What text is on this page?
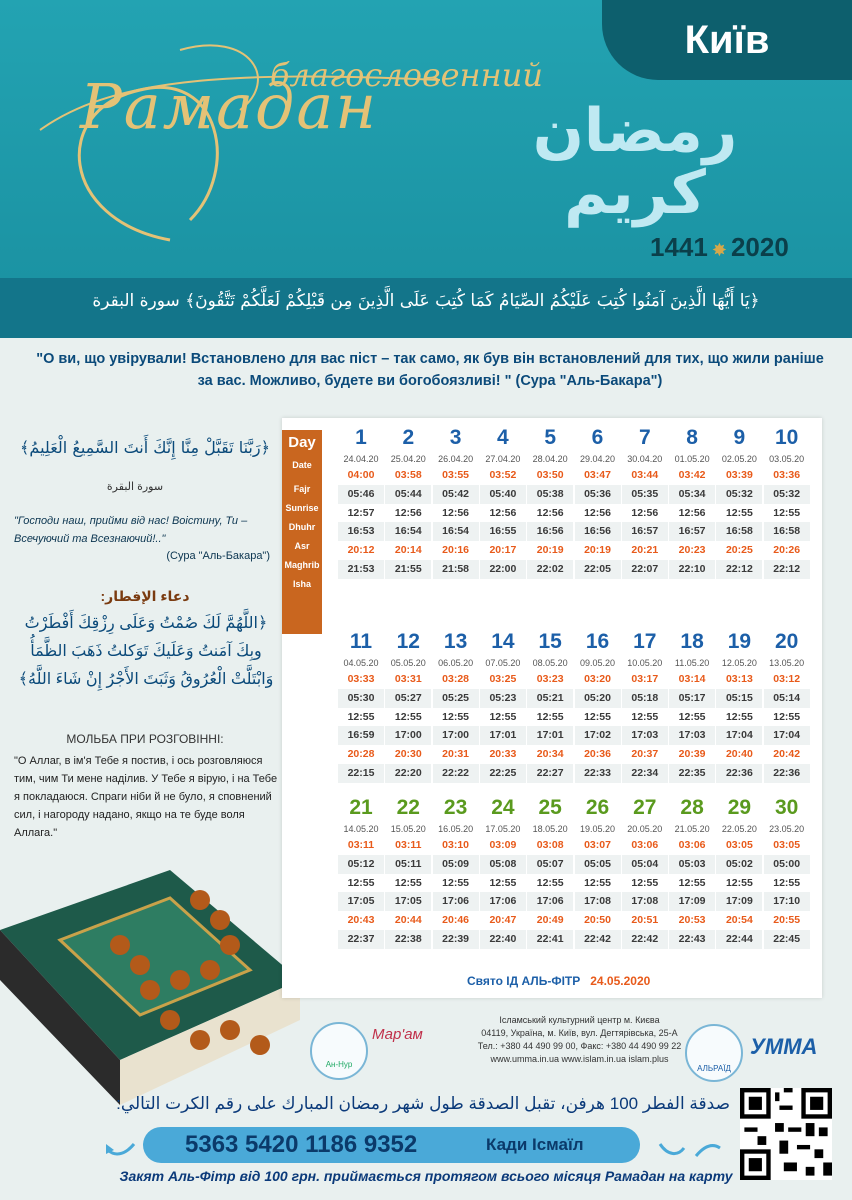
благословенний
Рамадан
Київ
رمضان كريم
1441 ✸ 2020
﴿يَا أَيُّهَا الَّذِينَ آمَنُوا كُتِبَ عَلَيْكُمُ الصِّيَامُ كَمَا كُتِبَ عَلَى الَّذِينَ مِن قَبْلِكُمْ لَعَلَّكُمْ تَتَّقُونَ﴾ سورة البقرة
"О ви, що увірували! Встановлено для вас піст – так само, як був він встановлений для тих, що жили раніше за вас. Можливо, будете ви богобоязливі! " (Сура "Аль-Бакара")
﴿رَبَّنَا تَقَبَّلْ مِنَّا إِنَّكَ أَنتَ السَّمِيعُ الْعَلِيمُ﴾
سورة البقرة
"Господи наш, прийми від нас! Воістину, Ти – Всечуючий та Всезнаючий!.."
(Сура "Аль-Бакара")
دعاء الإفطار:
﴿اللَّهُمَّ لَكَ صُمْتُ وَعَلَى رِزْقِكَ أَفْطَرْتُ وبِكَ آمَنتُ وَعَلَيكَ تَوَكلتُ ذَهَبَ الظَّمَأُ وَابْتَلَّتْ الْعُرُوقُ وَثَبَتَ الأَجْرُ إِنْ شَاءَ اللَّهُ﴾
МОЛЬБА ПРИ РОЗГОВІННІ:
"О Аллаг, в ім'я Тебе я постив, і ось розговляюся тим, чим Ти мене наділив. У Тебе я вірую, і на Тебе я покладаюся. Спраги ніби й не було, я сповнений сил, і нагороду надано, якщо на те буде воля Аллага."
Day
Date
Fajr
Sunrise
Dhuhr
Asr
Maghrib
Isha
1
24.04.20
04:00
05:46
12:57
16:53
20:12
21:53
2
25.04.20
03:58
05:44
12:56
16:54
20:14
21:55
3
26.04.20
03:55
05:42
12:56
16:54
20:16
21:58
4
27.04.20
03:52
05:40
12:56
16:55
20:17
22:00
5
28.04.20
03:50
05:38
12:56
16:56
20:19
22:02
6
29.04.20
03:47
05:36
12:56
16:56
20:19
22:05
7
30.04.20
03:44
05:35
12:56
16:57
20:21
22:07
8
01.05.20
03:42
05:34
12:56
16:57
20:23
22:10
9
02.05.20
03:39
05:32
12:55
16:58
20:25
22:12
10
03.05.20
03:36
05:32
12:55
16:58
20:26
22:12
11
04.05.20
03:33
05:30
12:55
16:59
20:28
22:15
12
05.05.20
03:31
05:27
12:55
17:00
20:30
22:20
13
06.05.20
03:28
05:25
12:55
17:00
20:31
22:22
14
07.05.20
03:25
05:23
12:55
17:01
20:33
22:25
15
08.05.20
03:23
05:21
12:55
17:01
20:34
22:27
16
09.05.20
03:20
05:20
12:55
17:02
20:36
22:33
17
10.05.20
03:17
05:18
12:55
17:03
20:37
22:34
18
11.05.20
03:14
05:17
12:55
17:03
20:39
22:35
19
12.05.20
03:13
05:15
12:55
17:04
20:40
22:36
20
13.05.20
03:12
05:14
12:55
17:04
20:42
22:36
21
14.05.20
03:11
05:12
12:55
17:05
20:43
22:37
22
15.05.20
03:11
05:11
12:55
17:05
20:44
22:38
23
16.05.20
03:10
05:09
12:55
17:06
20:46
22:39
24
17.05.20
03:09
05:08
12:55
17:06
20:47
22:40
25
18.05.20
03:08
05:07
12:55
17:06
20:49
22:41
26
19.05.20
03:07
05:05
12:55
17:08
20:50
22:42
27
20.05.20
03:06
05:04
12:55
17:08
20:51
22:42
28
21.05.20
03:06
05:03
12:55
17:09
20:53
22:43
29
22.05.20
03:05
05:02
12:55
17:09
20:54
22:44
30
23.05.20
03:05
05:00
12:55
17:10
20:55
22:45
Свято ІД АЛЬ-ФІТР 24.05.2020
Ан-Нур
Мар'ам
АЛЬРАЇД
УММА
Ісламський культурний центр м. Києва
04119, Україна, м. Київ, вул. Дегтярівська, 25-А
Тел.: +380 44 490 99 00, Факс: +380 44 490 99 22
www.umma.in.ua www.islam.in.ua islam.plus
صدقة الفطر 100 هرفن، تقبل الصدقة طول شهر رمضان المبارك على رقم الكرت التالي:
5363 5420 1186 9352	Кади Ісмаїл
Закят Аль-Фітр від 100 грн. приймається протягом всього місяця Рамадан на карту
